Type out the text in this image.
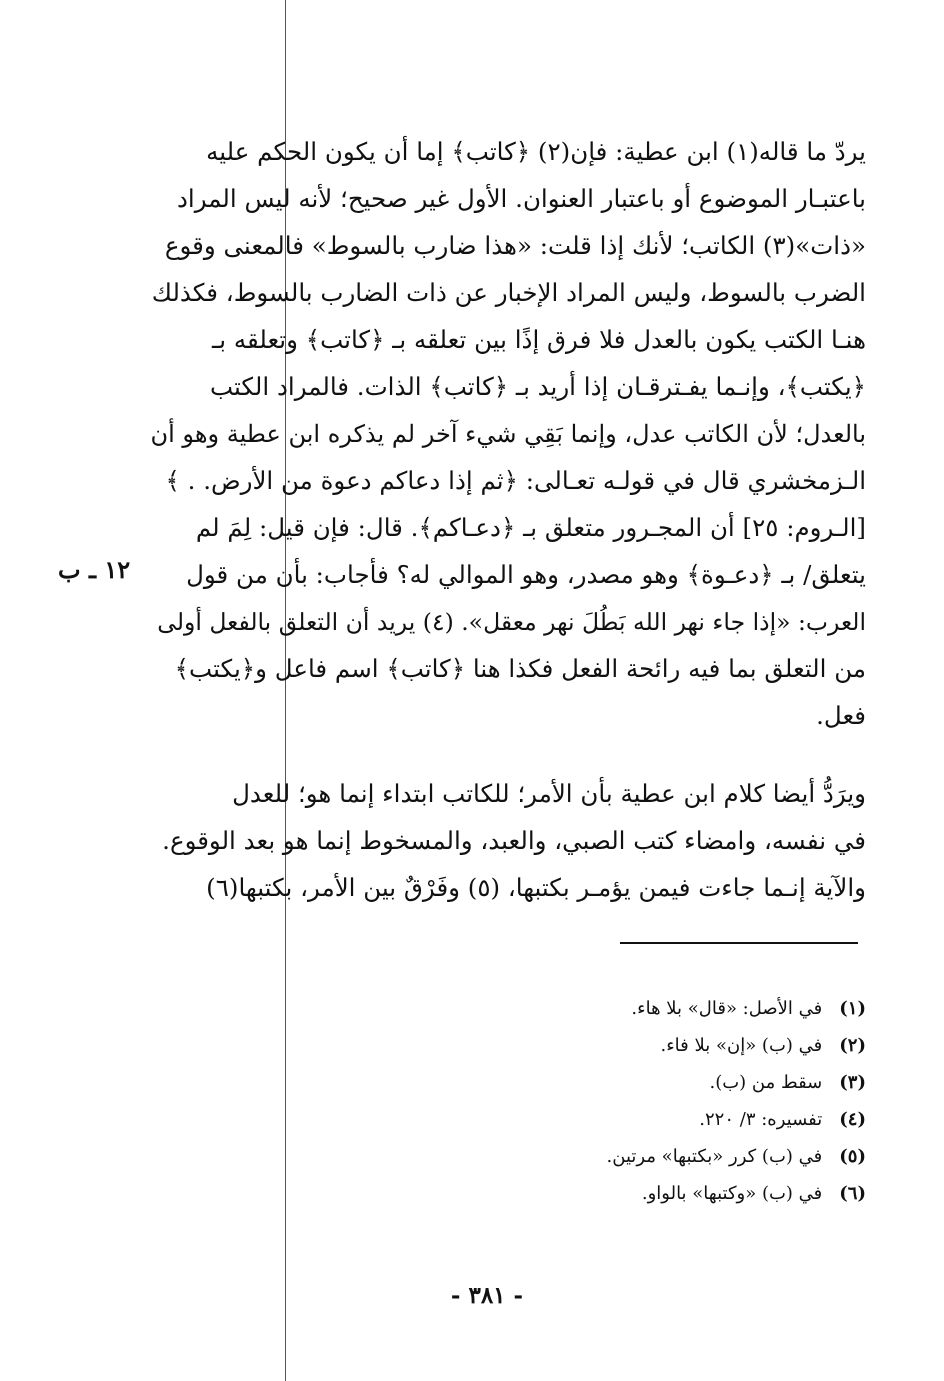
يردّ ما قاله(١) ابن عطية: فإن(٢) ﴿كاتب﴾ إما أن يكون الحكم عليه
باعتبـار الموضوع أو باعتبار العنوان. الأول غير صحيح؛ لأنه ليس المراد
«ذات»(٣) الكاتب؛ لأنك إذا قلت: «هذا ضارب بالسوط» فالمعنى وقوع
الضرب بالسوط، وليس المراد الإخبار عن ذات الضارب بالسوط، فكذلك
هنـا الكتب يكون بالعدل فلا فرق إذًا بين تعلقه بـ ﴿كاتب﴾ وتعلقه بـ
﴿يكتب﴾، وإنـما يفـترقـان إذا أريد بـ ﴿كاتب﴾ الذات. فالمراد الكتب
بالعدل؛ لأن الكاتب عدل، وإنما بَقِي شيء آخر لم يذكره ابن عطية وهو أن
الـزمخشري قال في قولـه تعـالى: ﴿ثم إذا دعاكم دعوة من الأرض. . ﴾
[الـروم: ٢٥] أن المجـرور متعلق بـ ﴿دعـاكم﴾. قال: فإن قيل: لِمَ لم
يتعلق/ بـ ﴿دعـوة﴾ وهو مصدر، وهو الموالي له؟ فأجاب: بأن من قول
العرب: «إذا جاء نهر الله بَطُلَ نهر معقل». (٤) يريد أن التعلق بالفعل أولى
من التعلق بما فيه رائحة الفعل فكذا هنا ﴿كاتب﴾ اسم فاعل و﴿يكتب﴾
فعل.
١٢ ـ ب
ويرَدُّ أيضا كلام ابن عطية بأن الأمر؛ للكاتب ابتداء إنما هو؛ للعدل
في نفسه، وامضاء كتب الصبي، والعبد، والمسخوط إنما هو بعد الوقوع.
والآية إنـما جاءت فيمن يؤمـر بكتبها، (٥) وفَرْقٌ بين الأمر، بكتبها(٦)
(١) في الأصل: «قال» بلا هاء.
(٢) في (ب) «إن» بلا فاء.
(٣) سقط من (ب).
(٤) تفسيره: ٣/ ٢٢٠.
(٥) في (ب) كرر «بكتبها» مرتين.
(٦) في (ب) «وكتبها» بالواو.
- ٣٨١ -
